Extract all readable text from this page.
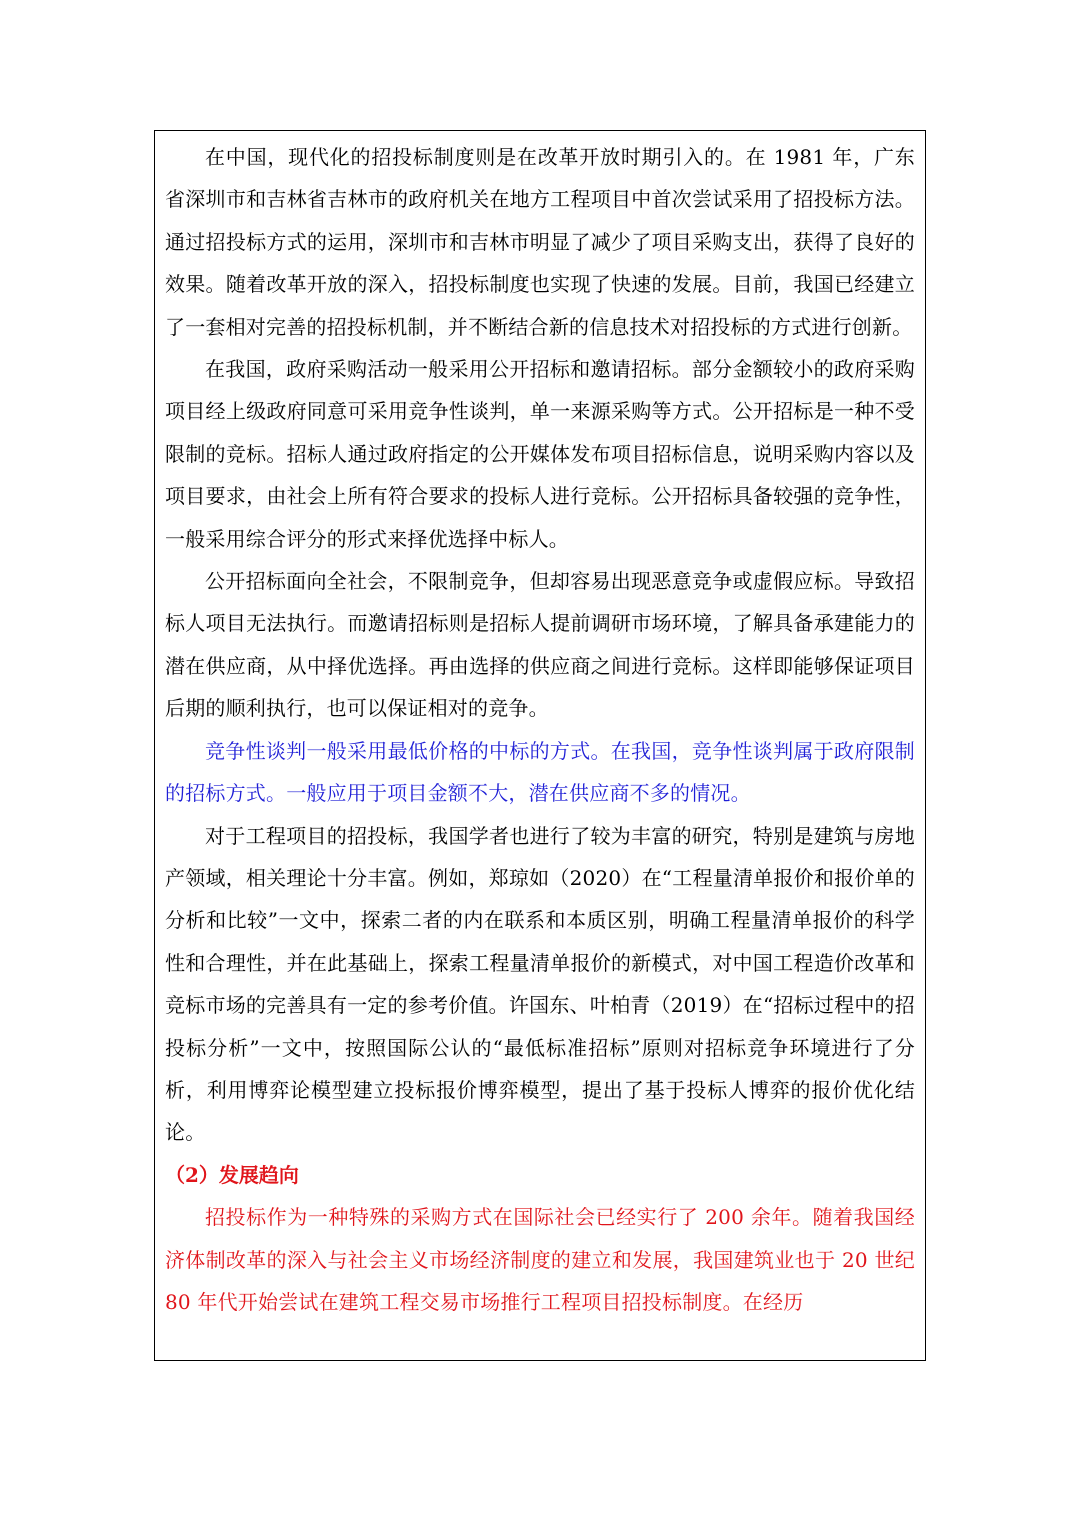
在中国，现代化的招投标制度则是在改革开放时期引入的。在 1981 年，广东省深圳市和吉林省吉林市的政府机关在地方工程项目中首次尝试采用了招投标方法。通过招投标方式的运用，深圳市和吉林市明显了减少了项目采购支出，获得了良好的效果。随着改革开放的深入，招投标制度也实现了快速的发展。目前，我国已经建立了一套相对完善的招投标机制，并不断结合新的信息技术对招投标的方式进行创新。

在我国，政府采购活动一般采用公开招标和邀请招标。部分金额较小的政府采购项目经上级政府同意可采用竞争性谈判，单一来源采购等方式。公开招标是一种不受限制的竞标。招标人通过政府指定的公开媒体发布项目招标信息，说明采购内容以及项目要求，由社会上所有符合要求的投标人进行竞标。公开招标具备较强的竞争性，一般采用综合评分的形式来择优选择中标人。

公开招标面向全社会，不限制竞争，但却容易出现恶意竞争或虚假应标。导致招标人项目无法执行。而邀请招标则是招标人提前调研市场环境，了解具备承建能力的潜在供应商，从中择优选择。再由选择的供应商之间进行竞标。这样即能够保证项目后期的顺利执行，也可以保证相对的竞争。

竞争性谈判一般采用最低价格的中标的方式。在我国，竞争性谈判属于政府限制的招标方式。一般应用于项目金额不大，潜在供应商不多的情况。

对于工程项目的招投标，我国学者也进行了较为丰富的研究，特别是建筑与房地产领域，相关理论十分丰富。例如，郑琼如（2020）在“工程量清单报价和报价单的分析和比较”一文中，探索二者的内在联系和本质区别，明确工程量清单报价的科学性和合理性，并在此基础上，探索工程量清单报价的新模式，对中国工程造价改革和竞标市场的完善具有一定的参考价值。许国东、叶柏青（2019）在“招标过程中的招投标分析”一文中，按照国际公认的“最低标准招标”原则对招标竞争环境进行了分析，利用博弈论模型建立投标报价博弈模型，提出了基于投标人博弈的报价优化结论。

（2）发展趋向

招投标作为一种特殊的采购方式在国际社会已经实行了 200 余年。随着我国经济体制改革的深入与社会主义市场经济制度的建立和发展，我国建筑业也于 20 世纪 80 年代开始尝试在建筑工程交易市场推行工程项目招投标制度。在经历
